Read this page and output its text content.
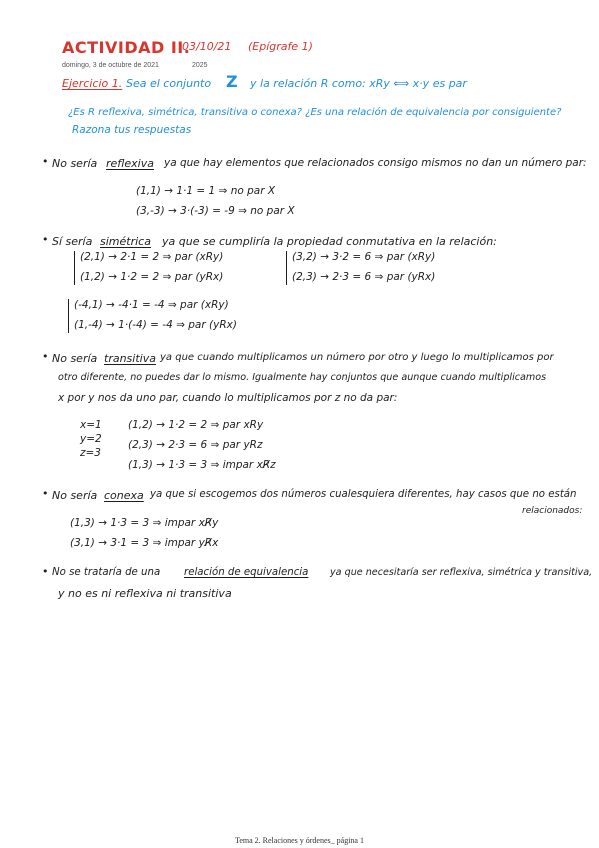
ACTIVIDAD II.
03/10/21 (Epígrafe 1)
domingo, 3 de octubre de 2021	2025
Ejercicio 1. Sea el conjunto Z y la relación R como: xRy ⟺ x·y es par
¿Es R reflexiva, simétrica, transitiva o conexa? ¿Es una relación de equivalencia por consiguiente?
Razona tus respuestas
• No sería reflexiva ya que hay elementos que relacionados consigo mismos no dan un número par:
(1,1) → 1·1 = 1 ⇒ no par X
(3,-3) → 3·(-3) = -9 ⇒ no par X
• Sí sería simétrica ya que se cumpliría la propiedad conmutativa en la relación:
(2,1) → 2·1 = 2 ⇒ par (xRy)
(1,2) → 1·2 = 2 ⇒ par (yRx)
(3,2) → 3·2 = 6 ⇒ par (xRy)
(2,3) → 2·3 = 6 ⇒ par (yRx)
(-4,1) → -4·1 = -4 ⇒ par (xRy)
(1,-4) → 1·(-4) = -4 ⇒ par (yRx)
• No sería transitiva ya que cuando multiplicamos un número por otro y luego lo multiplicamos por
otro diferente, no puedes dar lo mismo. Igualmente hay conjuntos que aunque cuando multiplicamos
x por y nos da uno par, cuando lo multiplicamos por z no da par:
x=1
y=2
z=3
(1,2) → 1·2 = 2 ⇒ par xRy
(2,3) → 2·3 = 6 ⇒ par yRz
(1,3) → 1·3 = 3 ⇒ impar xR̸z
• No sería conexa ya que si escogemos dos números cualesquiera diferentes, hay casos que no están
relacionados:
(1,3) → 1·3 = 3 ⇒ impar xR̸y
(3,1) → 3·1 = 3 ⇒ impar yR̸x
• No se trataría de una relación de equivalencia ya que necesitaría ser reflexiva, simétrica y transitiva,
y no es ni reflexiva ni transitiva
Tema 2. Relaciones y órdenes_ página 1
